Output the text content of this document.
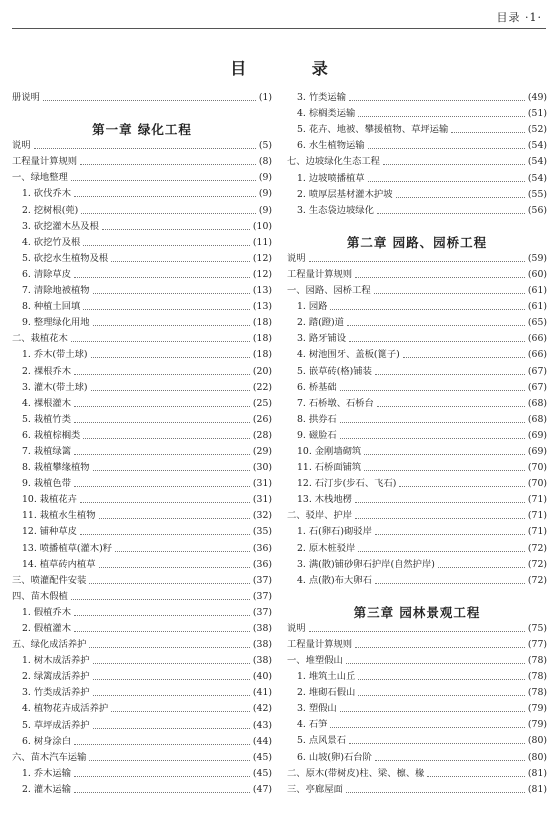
目录 ·1·
目 录
册说明	(1)
第一章 绿化工程
说明	(5)
工程量计算规则	(8)
一、绿地整理	(9)
1. 砍伐乔木	(9)
2. 挖树根(蔸)	(9)
3. 砍挖灌木丛及根	(10)
4. 砍挖竹及根	(11)
5. 砍挖水生植物及根	(12)
6. 清除草皮	(12)
7. 清除地被植物	(13)
8. 种植土回填	(13)
9. 整理绿化用地	(18)
二、栽植花木	(18)
1. 乔木(带土球)	(18)
2. 裸根乔木	(20)
3. 灌木(带土球)	(22)
4. 裸根灌木	(25)
5. 栽植竹类	(26)
6. 栽植棕榈类	(28)
7. 栽植绿篱	(29)
8. 栽植攀缘植物	(30)
9. 栽植色带	(31)
10. 栽植花卉	(31)
11. 栽植水生植物	(32)
12. 铺种草皮	(35)
13. 喷播植草(灌木)籽	(36)
14. 植草砖内植草	(36)
三、喷灌配件安装	(37)
四、苗木假植	(37)
1. 假植乔木	(37)
2. 假植灌木	(38)
五、绿化成活养护	(38)
1. 树木成活养护	(38)
2. 绿篱成活养护	(40)
3. 竹类成活养护	(41)
4. 植物花卉成活养护	(42)
5. 草坪成活养护	(43)
6. 树身涂白	(44)
六、苗木汽车运输	(45)
1. 乔木运输	(45)
2. 灌木运输	(47)
3. 竹类运输	(49)
4. 棕榈类运输	(51)
5. 花卉、地被、攀援植物、草坪运输	(52)
6. 水生植物运输	(54)
七、边坡绿化生态工程	(54)
1. 边坡喷播植草	(54)
2. 喷厚层基材灌木护坡	(55)
3. 生态袋边坡绿化	(56)
第二章 园路、园桥工程
说明	(59)
工程量计算规则	(60)
一、园路、园桥工程	(61)
1. 园路	(61)
2. 踏(蹬)道	(65)
3. 路牙铺设	(66)
4. 树池围牙、盖板(篦子)	(66)
5. 嵌草砖(格)铺装	(67)
6. 桥基础	(67)
7. 石桥墩、石桥台	(68)
8. 拱券石	(68)
9. 磁脸石	(69)
10. 金刚墙砌筑	(69)
11. 石桥面铺筑	(70)
12. 石汀步(步石、飞石)	(70)
13. 木栈地楞	(71)
二、驳岸、护岸	(71)
1. 石(卵石)砌驳岸	(71)
2. 原木桩驳岸	(72)
3. 满(散)铺砂卵石护岸(自然护岸)	(72)
4. 点(散)布大卵石	(72)
第三章 园林景观工程
说明	(75)
工程量计算规则	(77)
一、堆塑假山	(78)
1. 堆筑土山丘	(78)
2. 堆砌石假山	(78)
3. 塑假山	(79)
4. 石笋	(79)
5. 点风景石	(80)
6. 山坡(卵)石台阶	(80)
二、原木(带树皮)柱、梁、檩、椽	(81)
三、亭廊屋面	(81)
